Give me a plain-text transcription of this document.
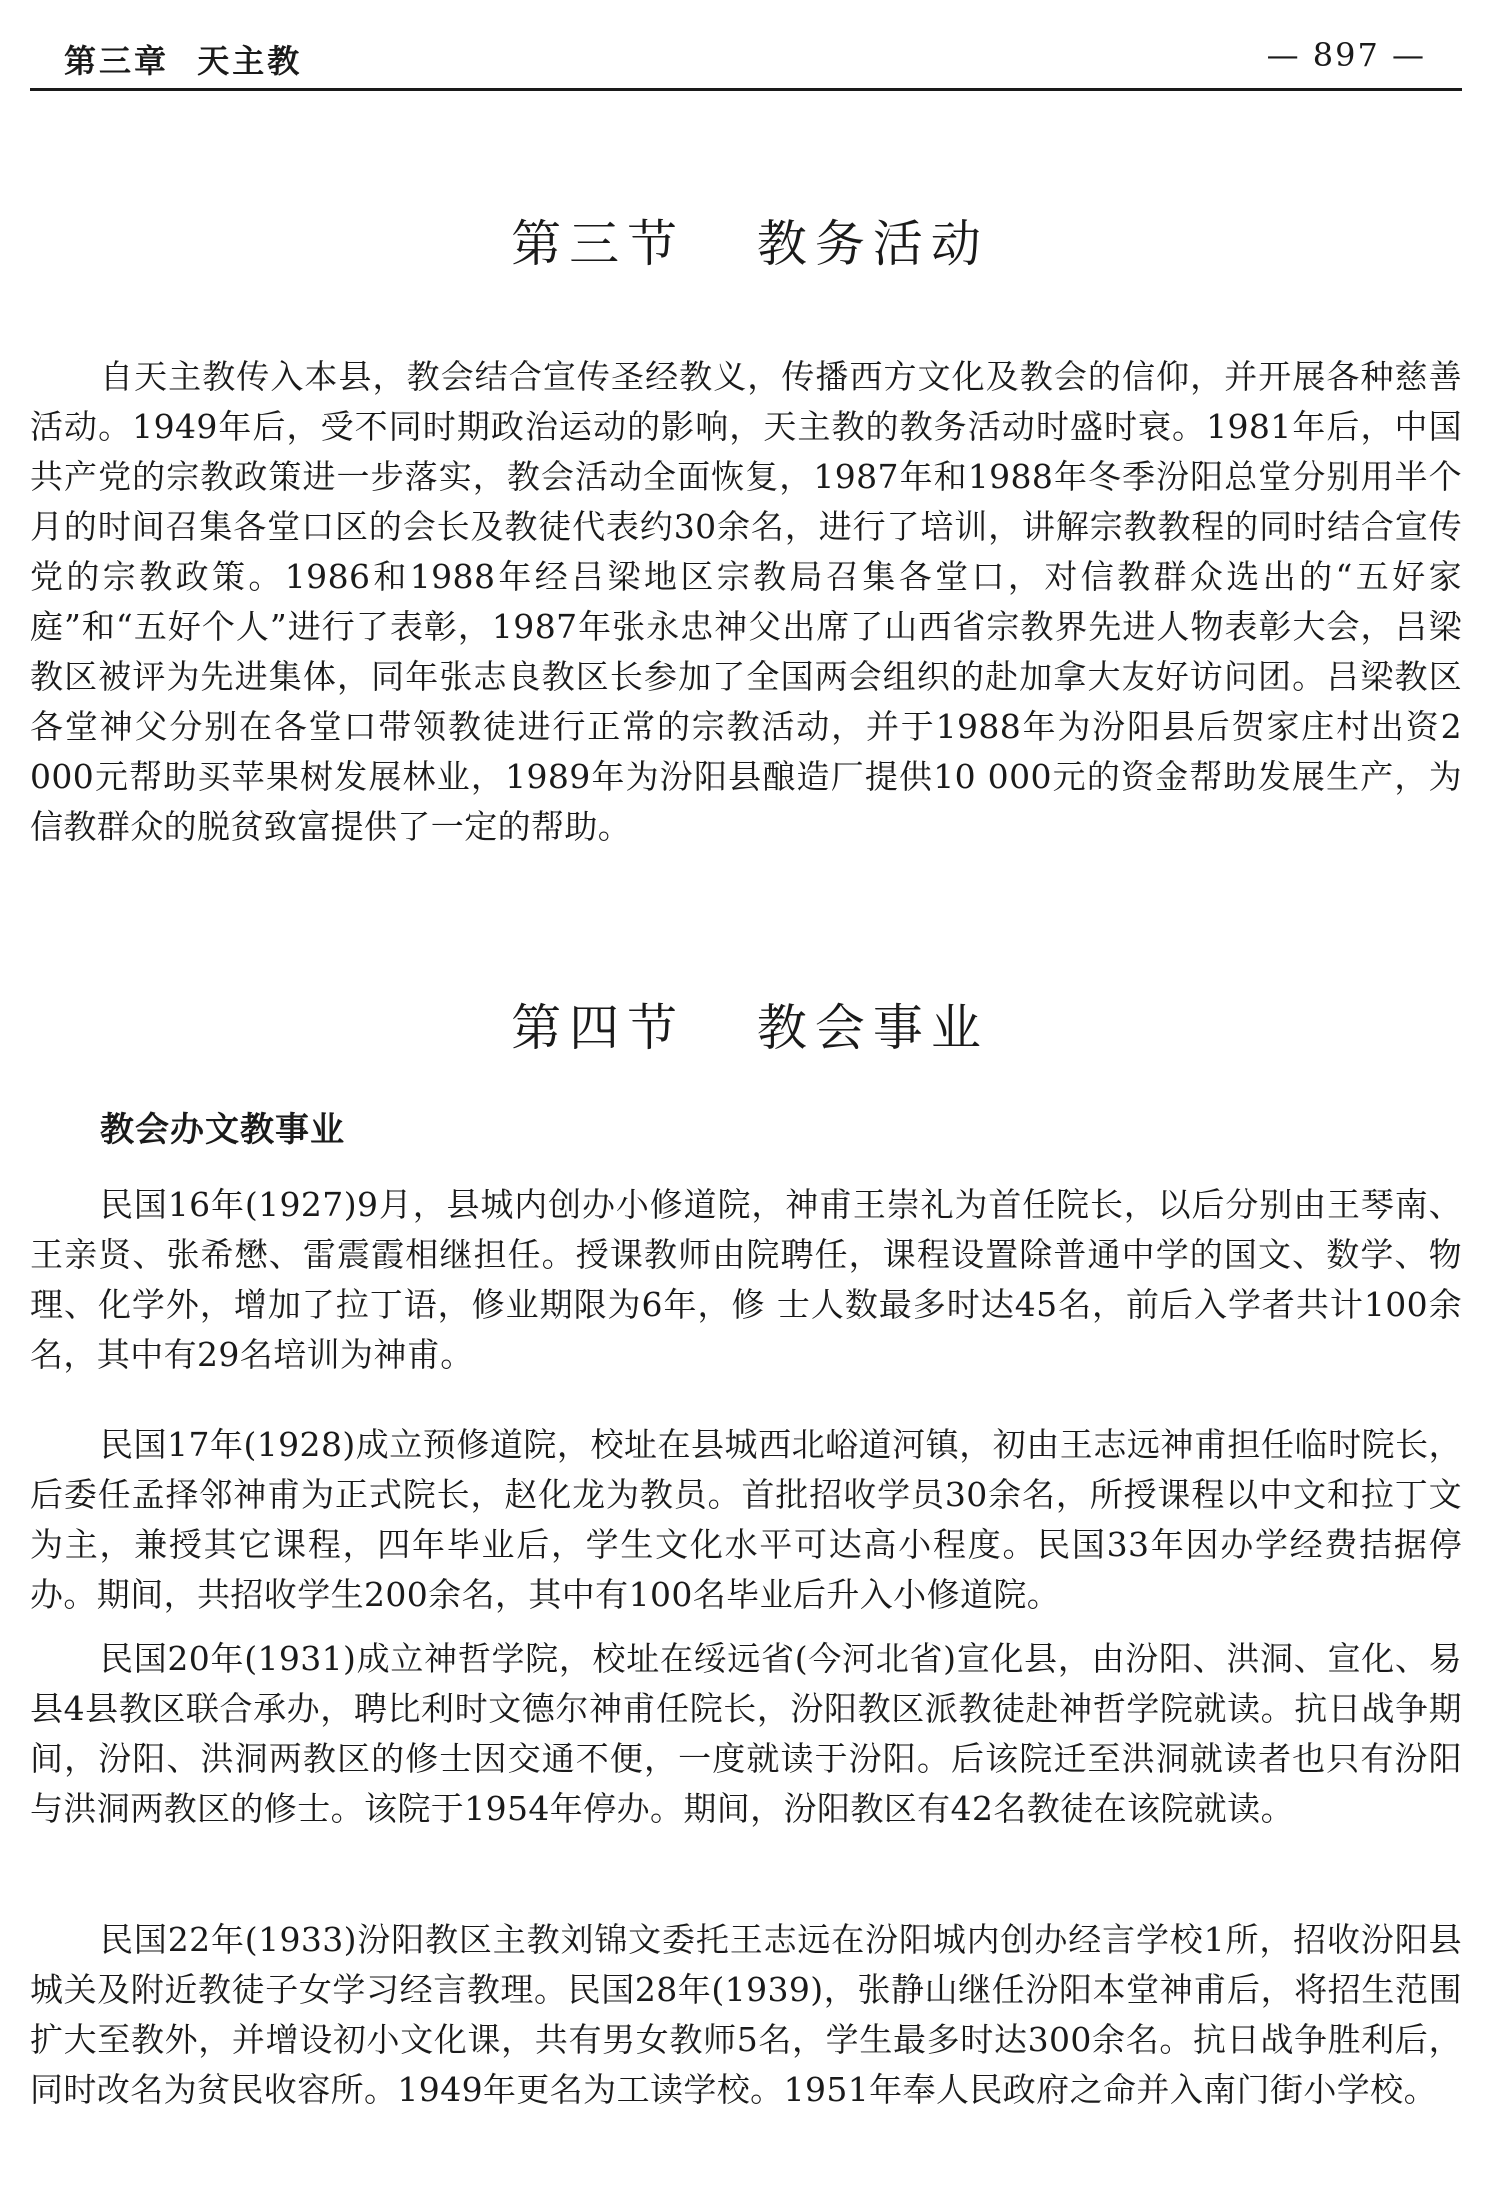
第三章  天主教	— 897 —
第三节   教务活动

自天主教传入本县，教会结合宣传圣经教义，传播西方文化及教会的信仰，并开展各种慈善活动。1949年后，受不同时期政治运动的影响，天主教的教务活动时盛时衰。1981年后，中国共产党的宗教政策进一步落实，教会活动全面恢复，1987年和1988年冬季汾阳总堂分别用半个月的时间召集各堂口区的会长及教徒代表约30余名，进行了培训，讲解宗教教程的同时结合宣传党的宗教政策。1986和1988年经吕梁地区宗教局召集各堂口，对信教群众选出的“五好家庭”和“五好个人”进行了表彰，1987年张永忠神父出席了山西省宗教界先进人物表彰大会，吕梁教区被评为先进集体，同年张志良教区长参加了全国两会组织的赴加拿大友好访问团。吕梁教区各堂神父分别在各堂口带领教徒进行正常的宗教活动，并于1988年为汾阳县后贺家庄村出资2 000元帮助买苹果树发展林业，1989年为汾阳县酿造厂提供10 000元的资金帮助发展生产，为信教群众的脱贫致富提供了一定的帮助。

第四节   教会事业
教会办文教事业

民国16年(1927)9月，县城内创办小修道院，神甫王崇礼为首任院长，以后分别由王琴南、王亲贤、张希懋、雷震霞相继担任。授课教师由院聘任，课程设置除普通中学的国文、数学、物理、化学外，增加了拉丁语，修业期限为6年，修 士人数最多时达45名，前后入学者共计100余名，其中有29名培训为神甫。

民国17年(1928)成立预修道院，校址在县城西北峪道河镇，初由王志远神甫担任临时院长，后委任孟择邻神甫为正式院长，赵化龙为教员。首批招收学员30余名，所授课程以中文和拉丁文为主，兼授其它课程，四年毕业后，学生文化水平可达高小程度。民国33年因办学经费拮据停办。期间，共招收学生200余名，其中有100名毕业后升入小修道院。

民国20年(1931)成立神哲学院，校址在绥远省(今河北省)宣化县，由汾阳、洪洞、宣化、易县4县教区联合承办，聘比利时文德尔神甫任院长，汾阳教区派教徒赴神哲学院就读。抗日战争期间，汾阳、洪洞两教区的修士因交通不便，一度就读于汾阳。后该院迁至洪洞就读者也只有汾阳与洪洞两教区的修士。该院于1954年停办。期间，汾阳教区有42名教徒在该院就读。

民国22年(1933)汾阳教区主教刘锦文委托王志远在汾阳城内创办经言学校1所，招收汾阳县城关及附近教徒子女学习经言教理。民国28年(1939)，张静山继任汾阳本堂神甫后，将招生范围扩大至教外，并增设初小文化课，共有男女教师5名，学生最多时达300余名。抗日战争胜利后，同时改名为贫民收容所。1949年更名为工读学校。1951年奉人民政府之命并入南门街小学校。
